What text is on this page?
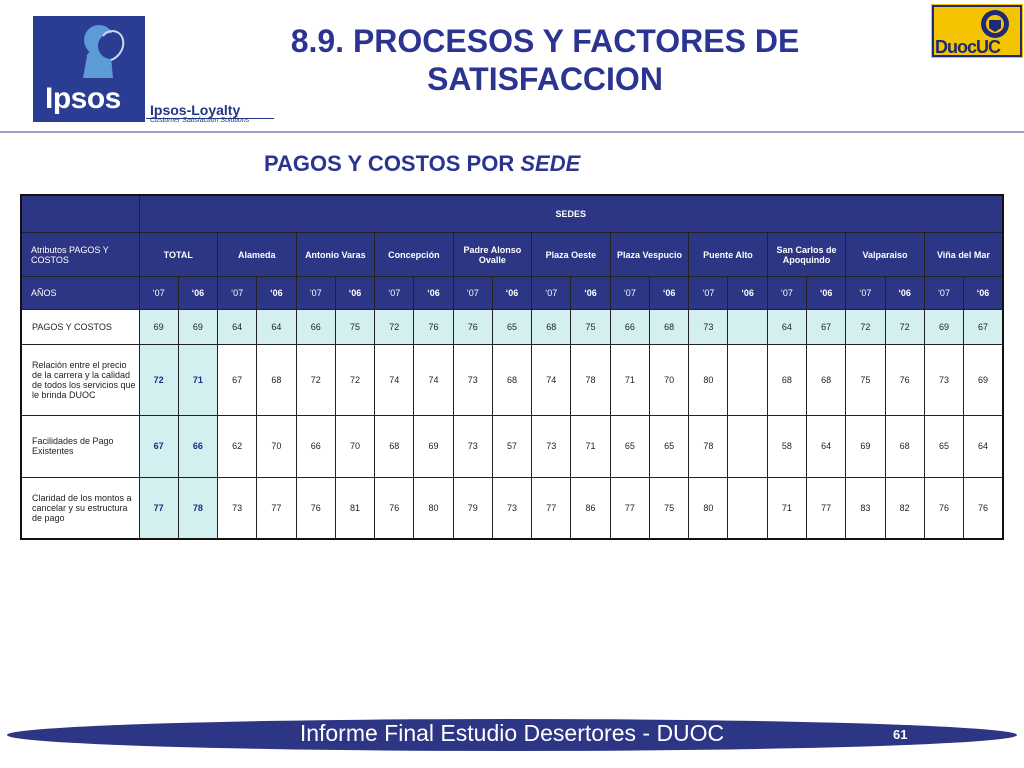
Ipsos Ipsos-Loyalty
Customer Satisfaction Solutions
8.9. PROCESOS Y FACTORES DE SATISFACCION
DuocUC
PAGOS Y COSTOS POR SEDE
	SEDES																					
Atributos PAGOS Y COSTOS	TOTAL		Alameda		Antonio Varas		Concepción		Padre Alonso Ovalle		Plaza Oeste		Plaza Vespucio		Puente Alto		San Carlos de Apoquindo		Valparaiso		Viña del Mar	
AÑOS	‘07	‘06	‘07	‘06	‘07	‘06	‘07	‘06	‘07	‘06	‘07	‘06	‘07	‘06	‘07	‘06	‘07	‘06	‘07	‘06	‘07	‘06
PAGOS Y COSTOS	69	69	64	64	66	75	72	76	76	65	68	75	66	68	73		64	67	72	72	69	67
Relación entre el precio de la carrera y la calidad de todos los servicios que le brinda DUOC	72	71	67	68	72	72	74	74	73	68	74	78	71	70	80		68	68	75	76	73	69
Facilidades de Pago Existentes	67	66	62	70	66	70	68	69	73	57	73	71	65	65	78		58	64	69	68	65	64
Claridad de los montos a cancelar y su estructura de pago	77	78	73	77	76	81	76	80	79	73	77	86	77	75	80		71	77	83	82	76	76
Informe Final Estudio Desertores - DUOC	61
